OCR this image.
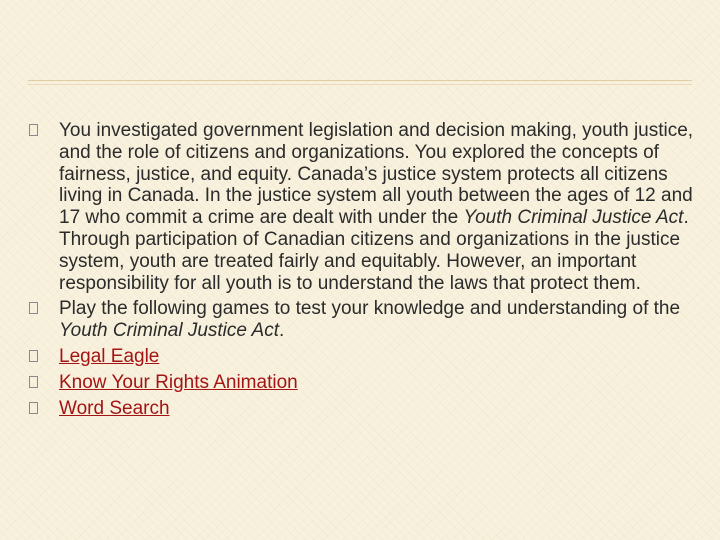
You investigated government legislation and decision making, youth justice, and the role of citizens and organizations. You explored the concepts of fairness, justice, and equity. Canada’s justice system protects all citizens living in Canada. In the justice system all youth between the ages of 12 and 17 who commit a crime are dealt with under the Youth Criminal Justice Act. Through participation of Canadian citizens and organizations in the justice system, youth are treated fairly and equitably. However, an important responsibility for all youth is to understand the laws that protect them.
Play the following games to test your knowledge and understanding of the Youth Criminal Justice Act.
Legal Eagle
Know Your Rights Animation
Word Search
